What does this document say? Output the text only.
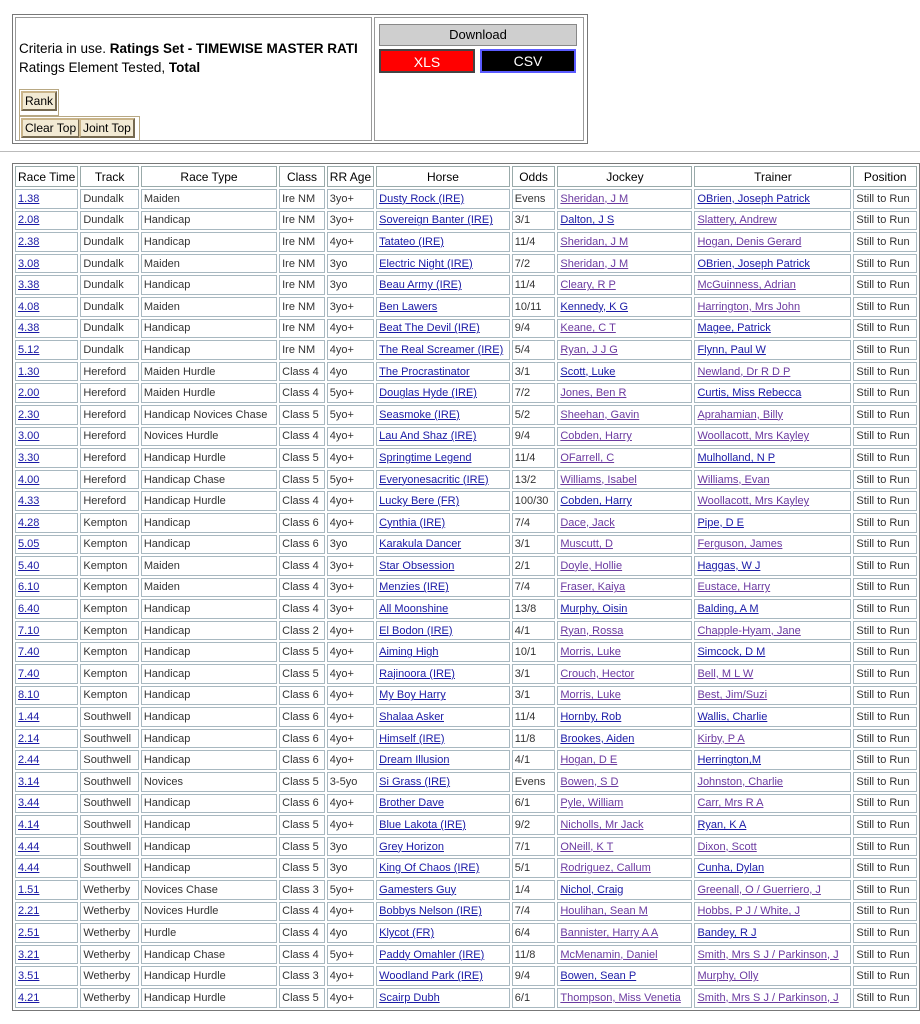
Criteria in use. Ratings Set - TIMEWISE MASTER RATI
Ratings Element Tested, Total
Rank
Clear Top Joint Top
Download
XLS	CSV
Race Time	Track	Race Type	Class	RR Age	Horse	Odds	Jockey	Trainer	Position
1.38	Dundalk	Maiden	Ire NM	3yo+	Dusty Rock (IRE)	Evens	Sheridan, J M	OBrien, Joseph Patrick	Still to Run
2.08	Dundalk	Handicap	Ire NM	3yo+	Sovereign Banter (IRE)	3/1	Dalton, J S	Slattery, Andrew	Still to Run
2.38	Dundalk	Handicap	Ire NM	4yo+	Tatateo (IRE)	11/4	Sheridan, J M	Hogan, Denis Gerard	Still to Run
3.08	Dundalk	Maiden	Ire NM	3yo	Electric Night (IRE)	7/2	Sheridan, J M	OBrien, Joseph Patrick	Still to Run
3.38	Dundalk	Handicap	Ire NM	3yo	Beau Army (IRE)	11/4	Cleary, R P	McGuinness, Adrian	Still to Run
4.08	Dundalk	Maiden	Ire NM	3yo+	Ben Lawers	10/11	Kennedy, K G	Harrington, Mrs John	Still to Run
4.38	Dundalk	Handicap	Ire NM	4yo+	Beat The Devil (IRE)	9/4	Keane, C T	Magee, Patrick	Still to Run
5.12	Dundalk	Handicap	Ire NM	4yo+	The Real Screamer (IRE)	5/4	Ryan, J J G	Flynn, Paul W	Still to Run
1.30	Hereford	Maiden Hurdle	Class 4	4yo	The Procrastinator	3/1	Scott, Luke	Newland, Dr R D P	Still to Run
2.00	Hereford	Maiden Hurdle	Class 4	5yo+	Douglas Hyde (IRE)	7/2	Jones, Ben R	Curtis, Miss Rebecca	Still to Run
2.30	Hereford	Handicap Novices Chase	Class 5	5yo+	Seasmoke (IRE)	5/2	Sheehan, Gavin	Aprahamian, Billy	Still to Run
3.00	Hereford	Novices Hurdle	Class 4	4yo+	Lau And Shaz (IRE)	9/4	Cobden, Harry	Woollacott, Mrs Kayley	Still to Run
3.30	Hereford	Handicap Hurdle	Class 5	4yo+	Springtime Legend	11/4	OFarrell, C	Mulholland, N P	Still to Run
4.00	Hereford	Handicap Chase	Class 5	5yo+	Everyonesacritic (IRE)	13/2	Williams, Isabel	Williams, Evan	Still to Run
4.33	Hereford	Handicap Hurdle	Class 4	4yo+	Lucky Bere (FR)	100/30	Cobden, Harry	Woollacott, Mrs Kayley	Still to Run
4.28	Kempton	Handicap	Class 6	4yo+	Cynthia (IRE)	7/4	Dace, Jack	Pipe, D E	Still to Run
5.05	Kempton	Handicap	Class 6	3yo	Karakula Dancer	3/1	Muscutt, D	Ferguson, James	Still to Run
5.40	Kempton	Maiden	Class 4	3yo+	Star Obsession	2/1	Doyle, Hollie	Haggas, W J	Still to Run
6.10	Kempton	Maiden	Class 4	3yo+	Menzies (IRE)	7/4	Fraser, Kaiya	Eustace, Harry	Still to Run
6.40	Kempton	Handicap	Class 4	3yo+	All Moonshine	13/8	Murphy, Oisin	Balding, A M	Still to Run
7.10	Kempton	Handicap	Class 2	4yo+	El Bodon (IRE)	4/1	Ryan, Rossa	Chapple-Hyam, Jane	Still to Run
7.40	Kempton	Handicap	Class 5	4yo+	Aiming High	10/1	Morris, Luke	Simcock, D M	Still to Run
7.40	Kempton	Handicap	Class 5	4yo+	Rajinoora (IRE)	3/1	Crouch, Hector	Bell, M L W	Still to Run
8.10	Kempton	Handicap	Class 6	4yo+	My Boy Harry	3/1	Morris, Luke	Best, Jim/Suzi	Still to Run
1.44	Southwell	Handicap	Class 6	4yo+	Shalaa Asker	11/4	Hornby, Rob	Wallis, Charlie	Still to Run
2.14	Southwell	Handicap	Class 6	4yo+	Himself (IRE)	11/8	Brookes, Aiden	Kirby, P A	Still to Run
2.44	Southwell	Handicap	Class 6	4yo+	Dream Illusion	4/1	Hogan, D E	Herrington,M	Still to Run
3.14	Southwell	Novices	Class 5	3-5yo	Si Grass (IRE)	Evens	Bowen, S D	Johnston, Charlie	Still to Run
3.44	Southwell	Handicap	Class 6	4yo+	Brother Dave	6/1	Pyle, William	Carr, Mrs R A	Still to Run
4.14	Southwell	Handicap	Class 5	4yo+	Blue Lakota (IRE)	9/2	Nicholls, Mr Jack	Ryan, K A	Still to Run
4.44	Southwell	Handicap	Class 5	3yo	Grey Horizon	7/1	ONeill, K T	Dixon, Scott	Still to Run
4.44	Southwell	Handicap	Class 5	3yo	King Of Chaos (IRE)	5/1	Rodriguez, Callum	Cunha, Dylan	Still to Run
1.51	Wetherby	Novices Chase	Class 3	5yo+	Gamesters Guy	1/4	Nichol, Craig	Greenall, O / Guerriero, J	Still to Run
2.21	Wetherby	Novices Hurdle	Class 4	4yo+	Bobbys Nelson (IRE)	7/4	Houlihan, Sean M	Hobbs, P J / White, J	Still to Run
2.51	Wetherby	Hurdle	Class 4	4yo	Klycot (FR)	6/4	Bannister, Harry A A	Bandey, R J	Still to Run
3.21	Wetherby	Handicap Chase	Class 4	5yo+	Paddy Omahler (IRE)	11/8	McMenamin, Daniel	Smith, Mrs S J / Parkinson, J	Still to Run
3.51	Wetherby	Handicap Hurdle	Class 3	4yo+	Woodland Park (IRE)	9/4	Bowen, Sean P	Murphy, Olly	Still to Run
4.21	Wetherby	Handicap Hurdle	Class 5	4yo+	Scairp Dubh	6/1	Thompson, Miss Venetia	Smith, Mrs S J / Parkinson, J	Still to Run
